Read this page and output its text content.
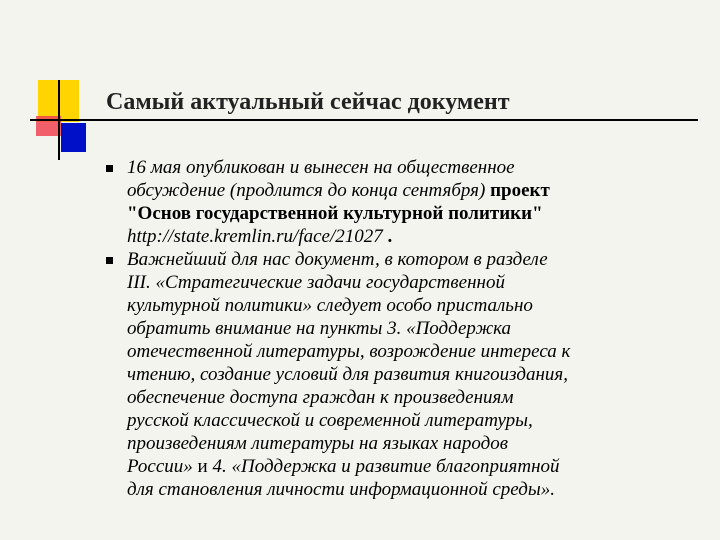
Самый актуальный сейчас документ
16 мая опубликован и вынесен на общественное
обсуждение (продлится до конца сентября) проект
"Основ государственной культурной политики"
http://state.kremlin.ru/face/21027 .
Важнейший для нас документ, в котором в разделе
III. «Стратегические задачи государственной
культурной политики» следует особо пристально
обратить внимание на пункты 3. «Поддержка
отечественной литературы, возрождение интереса к
чтению, создание условий для развития книгоиздания,
обеспечение доступа граждан к произведениям
русской классической и современной литературы,
произведениям литературы на языках народов
России» и 4. «Поддержка и развитие благоприятной
для становления личности информационной среды».
